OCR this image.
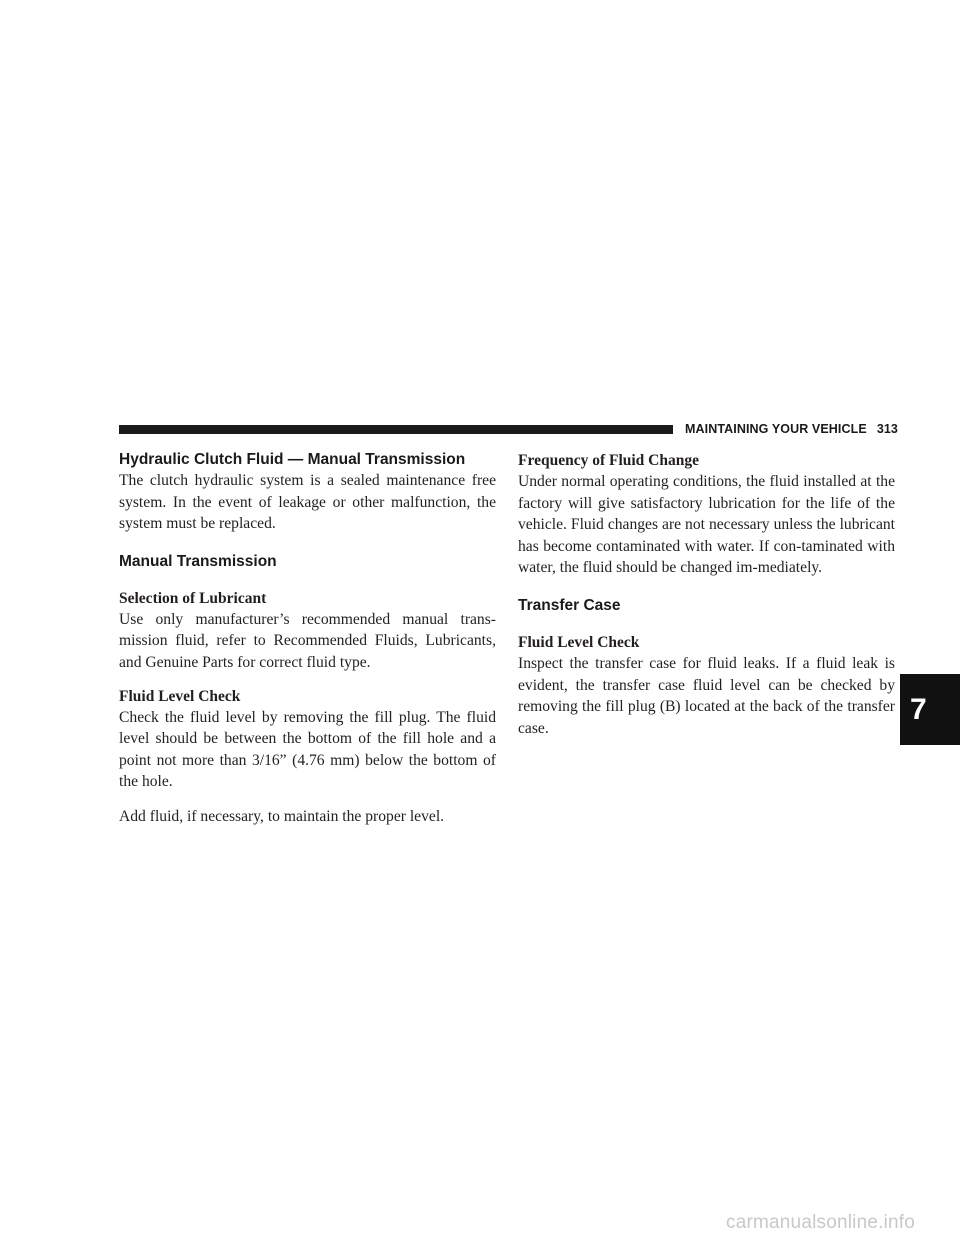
MAINTAINING YOUR VEHICLE 313
Hydraulic Clutch Fluid — Manual Transmission

The clutch hydraulic system is a sealed maintenance free system. In the event of leakage or other malfunction, the system must be replaced.

Manual Transmission
Selection of Lubricant

Use only manufacturer’s recommended manual trans-mission fluid, refer to Recommended Fluids, Lubricants, and Genuine Parts for correct fluid type.

Fluid Level Check

Check the fluid level by removing the fill plug. The fluid level should be between the bottom of the fill hole and a point not more than 3/16” (4.76 mm) below the bottom of the hole.

Add fluid, if necessary, to maintain the proper level.

Frequency of Fluid Change

Under normal operating conditions, the fluid installed at the factory will give satisfactory lubrication for the life of the vehicle. Fluid changes are not necessary unless the lubricant has become contaminated with water. If con-taminated with water, the fluid should be changed im-mediately.

Transfer Case
Fluid Level Check

Inspect the transfer case for fluid leaks. If a fluid leak is evident, the transfer case fluid level can be checked by removing the fill plug (B) located at the back of the transfer case.

7
carmanualsonline.info
